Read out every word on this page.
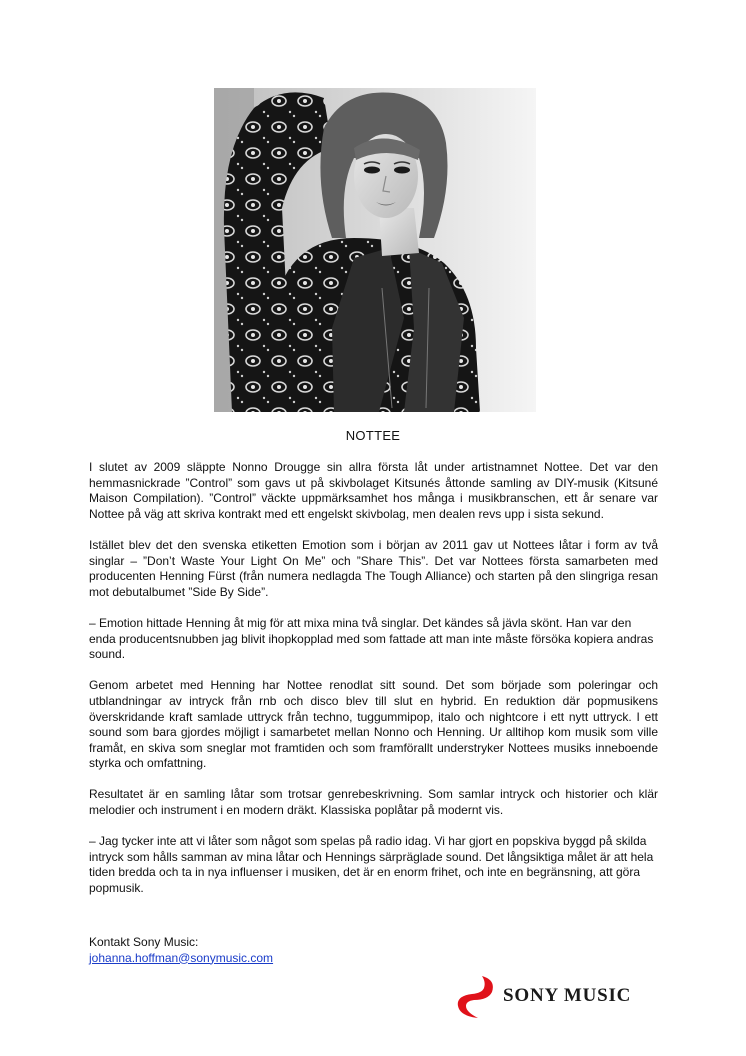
NOTTEE

I slutet av 2009 släppte Nonno Drougge sin allra första låt under artistnamnet Nottee. Det var den hemmasnickrade ”Control” som gavs ut på skivbolaget Kitsunés åttonde samling av DIY-musik (Kitsuné Maison Compilation). ”Control” väckte uppmärksamhet hos många i musikbranschen, ett år senare var Nottee på väg att skriva kontrakt med ett engelskt skivbolag, men dealen revs upp i sista sekund.

Istället blev det den svenska etiketten Emotion som i början av 2011 gav ut Nottees låtar i form av två singlar – ”Don’t Waste Your Light On Me” och ”Share This”. Det var Nottees första samarbeten med producenten Henning Fürst (från numera nedlagda The Tough Alliance) och starten på den slingriga resan mot debutalbumet ”Side By Side”.

– Emotion hittade Henning åt mig för att mixa mina två singlar. Det kändes så jävla skönt. Han var den enda producentsnubben jag blivit ihopkopplad med som fattade att man inte måste försöka kopiera andras sound.

Genom arbetet med Henning har Nottee renodlat sitt sound. Det som började som poleringar och utblandningar av intryck från rnb och disco blev till slut en hybrid. En reduktion där popmusikens överskridande kraft samlade uttryck från techno, tuggummipop, italo och nightcore i ett nytt uttryck. I ett sound som bara gjordes möjligt i samarbetet mellan Nonno och Henning. Ur alltihop kom musik som ville framåt, en skiva som sneglar mot framtiden och som framförallt understryker Nottees musiks inneboende styrka och omfattning.

Resultatet är en samling låtar som trotsar genrebeskrivning. Som samlar intryck och historier och klär melodier och instrument i en modern dräkt. Klassiska poplåtar på modernt vis.

– Jag tycker inte att vi låter som något som spelas på radio idag. Vi har gjort en popskiva byggd på skilda intryck som hålls samman av mina låtar och Hennings särpräglade sound. Det långsiktiga målet är att hela tiden bredda och ta in nya influenser i musiken, det är en enorm frihet, och inte en begränsning, att göra popmusik.

Kontakt Sony Music:
johanna.hoffman@sonymusic.com
SONY MUSIC
